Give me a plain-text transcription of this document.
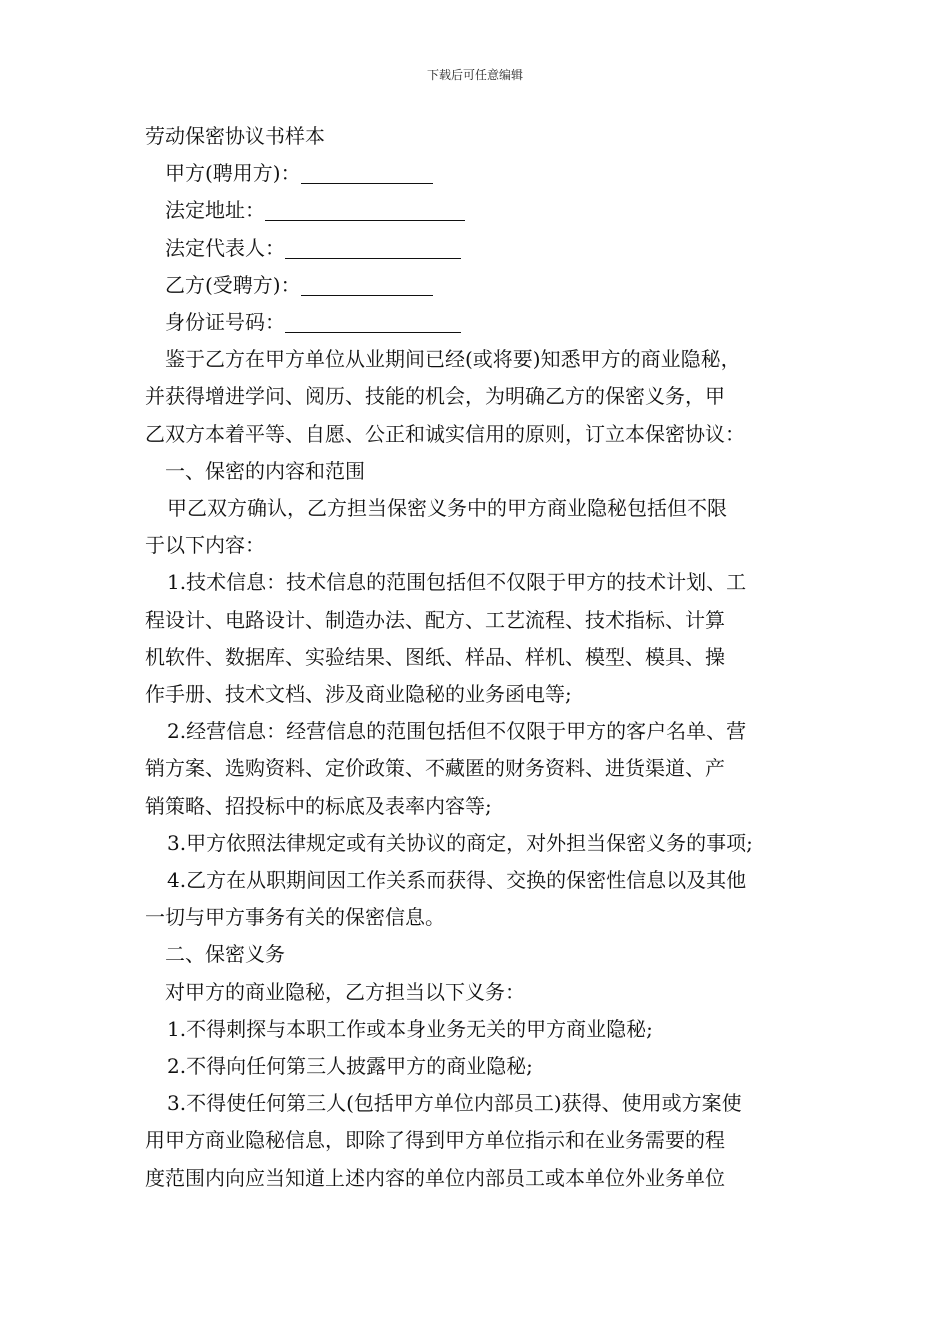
下载后可任意编辑
劳动保密协议书样本
甲方(聘用方)：
法定地址：
法定代表人：
乙方(受聘方)：
身份证号码：
鉴于乙方在甲方单位从业期间已经(或将要)知悉甲方的商业隐秘，
并获得增进学问、阅历、技能的机会，为明确乙方的保密义务，甲
乙双方本着平等、自愿、公正和诚实信用的原则，订立本保密协议：
一、保密的内容和范围
甲乙双方确认，乙方担当保密义务中的甲方商业隐秘包括但不限
于以下内容：
1.技术信息：技术信息的范围包括但不仅限于甲方的技术计划、工
程设计、电路设计、制造办法、配方、工艺流程、技术指标、计算
机软件、数据库、实验结果、图纸、样品、样机、模型、模具、操
作手册、技术文档、涉及商业隐秘的业务函电等;
2.经营信息：经营信息的范围包括但不仅限于甲方的客户名单、营
销方案、选购资料、定价政策、不藏匿的财务资料、进货渠道、产
销策略、招投标中的标底及表率内容等;
3.甲方依照法律规定或有关协议的商定，对外担当保密义务的事项;
4.乙方在从职期间因工作关系而获得、交换的保密性信息以及其他
一切与甲方事务有关的保密信息。
二、保密义务
对甲方的商业隐秘，乙方担当以下义务：
1.不得刺探与本职工作或本身业务无关的甲方商业隐秘;
2.不得向任何第三人披露甲方的商业隐秘;
3.不得使任何第三人(包括甲方单位内部员工)获得、使用或方案使
用甲方商业隐秘信息，即除了得到甲方单位指示和在业务需要的程
度范围内向应当知道上述内容的单位内部员工或本单位外业务单位
